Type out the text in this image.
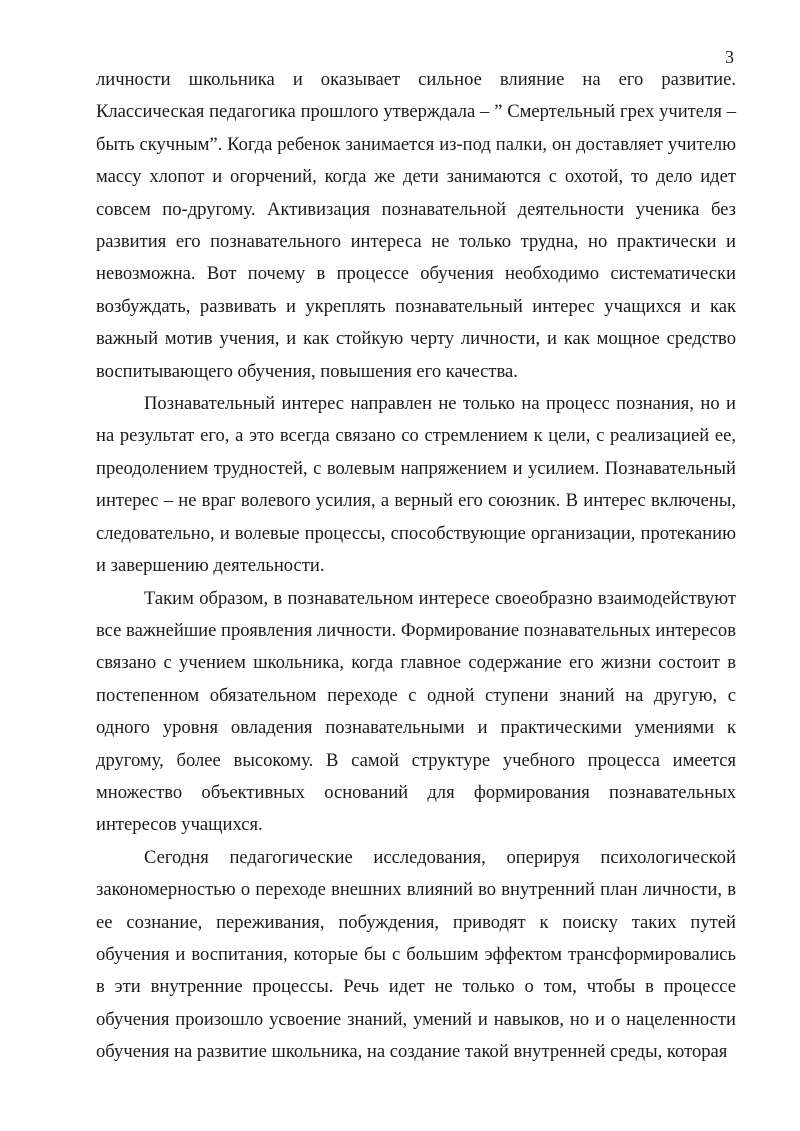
3

личности школьника и оказывает сильное влияние на его развитие. Классическая педагогика прошлого утверждала – ” Смертельный грех учителя – быть скучным”. Когда ребенок занимается из-под палки, он доставляет учителю массу хлопот и огорчений, когда же дети занимаются с охотой, то дело идет совсем по-другому. Активизация познавательной деятельности ученика без развития его познавательного интереса не только трудна, но практически и невозможна. Вот почему в процессе обучения необходимо систематически возбуждать, развивать и укреплять познавательный интерес учащихся и как важный мотив учения, и как стойкую черту личности, и как мощное средство воспитывающего обучения, повышения его качества.

Познавательный интерес направлен не только на процесс познания, но и на результат его, а это всегда связано со стремлением к цели, с реализацией ее, преодолением трудностей, с волевым напряжением и усилием. Познавательный интерес – не враг волевого усилия, а верный его союзник. В интерес включены, следовательно, и волевые процессы, способствующие организации, протеканию и завершению деятельности.

Таким образом, в познавательном интересе своеобразно взаимодействуют все важнейшие проявления личности. Формирование познавательных интересов связано с учением школьника, когда главное содержание его жизни состоит в постепенном обязательном переходе с одной ступени знаний на другую, с одного уровня овладения познавательными и практическими умениями к другому, более высокому. В самой структуре учебного процесса имеется множество объективных оснований для формирования познавательных интересов учащихся.

Сегодня педагогические исследования, оперируя психологической закономерностью о переходе внешних влияний во внутренний план личности, в ее сознание, переживания, побуждения, приводят к поиску таких путей обучения и воспитания, которые бы с большим эффектом трансформировались в эти внутренние процессы. Речь идет не только о том, чтобы в процессе обучения произошло усвоение знаний, умений и навыков, но и о нацеленности обучения на развитие школьника, на создание такой внутренней среды, которая
